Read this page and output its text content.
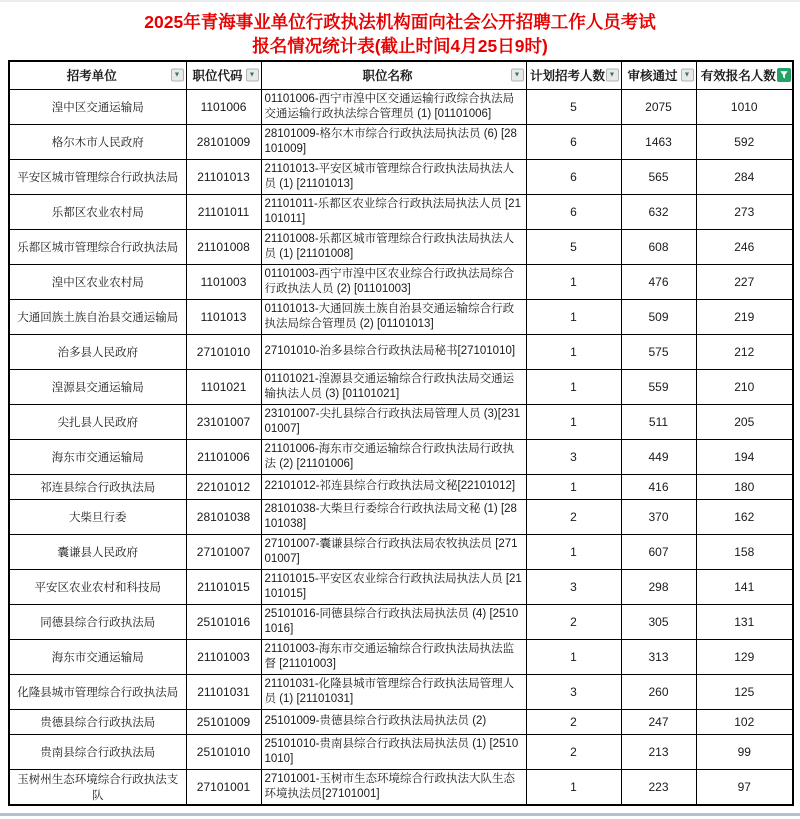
2025年青海事业单位行政执法机构面向社会公开招聘工作人员考试
报名情况统计表(截止时间4月25日9时)
招考单位 ▼	职位代码 ▼	职位名称 ▼	计划招考人数 ▼	审核通过 ▼	有效报名人数

湟中区交通运输局	1101006	01101006-西宁市湟中区交通运输行政综合执法局交通运输行政执法综合管理员 (1) [01101006]	5	2075	1010
格尔木市人民政府	28101009	28101009-格尔木市综合行政执法局执法员 (6) [28101009]	6	1463	592
平安区城市管理综合行政执法局	21101013	21101013-平安区城市管理综合行政执法局执法人员 (1) [21101013]	6	565	284
乐都区农业农村局	21101011	21101011-乐都区农业综合行政执法局执法人员 [21101011]	6	632	273
乐都区城市管理综合行政执法局	21101008	21101008-乐都区城市管理综合行政执法局执法人员 (1) [21101008]	5	608	246
湟中区农业农村局	1101003	01101003-西宁市湟中区农业综合行政执法局综合行政执法人员 (2) [01101003]	1	476	227
大通回族土族自治县交通运输局	1101013	01101013-大通回族土族自治县交通运输综合行政执法局综合管理员 (2) [01101013]	1	509	219
治多县人民政府	27101010	27101010-治多县综合行政执法局秘书[27101010]	1	575	212
湟源县交通运输局	1101021	01101021-湟源县交通运输综合行政执法局交通运输执法人员 (3) [01101021]	1	559	210
尖扎县人民政府	23101007	23101007-尖扎县综合行政执法局管理人员 (3)[23101007]	1	511	205
海东市交通运输局	21101006	21101006-海东市交通运输综合行政执法局行政执法 (2) [21101006]	3	449	194
祁连县综合行政执法局	22101012	22101012-祁连县综合行政执法局文秘[22101012]	1	416	180
大柴旦行委	28101038	28101038-大柴旦行委综合行政执法局文秘 (1) [28101038]	2	370	162
囊谦县人民政府	27101007	27101007-囊谦县综合行政执法局农牧执法员 [27101007]	1	607	158
平安区农业农村和科技局	21101015	21101015-平安区农业综合行政执法局执法人员 [21101015]	3	298	141
同德县综合行政执法局	25101016	25101016-同德县综合行政执法局执法员 (4) [25101016]	2	305	131
海东市交通运输局	21101003	21101003-海东市交通运输综合行政执法局执法监督 [21101003]	1	313	129
化隆县城市管理综合行政执法局	21101031	21101031-化隆县城市管理综合行政执法局管理人员 (1) [21101031]	3	260	125
贵德县综合行政执法局	25101009	25101009-贵德县综合行政执法局执法员 (2)	2	247	102
贵南县综合行政执法局	25101010	25101010-贵南县综合行政执法局执法员 (1) [25101010]	2	213	99
玉树州生态环境综合行政执法支队	27101001	27101001-玉树市生态环境综合行政执法大队生态环境执法员[27101001]	1	223	97
